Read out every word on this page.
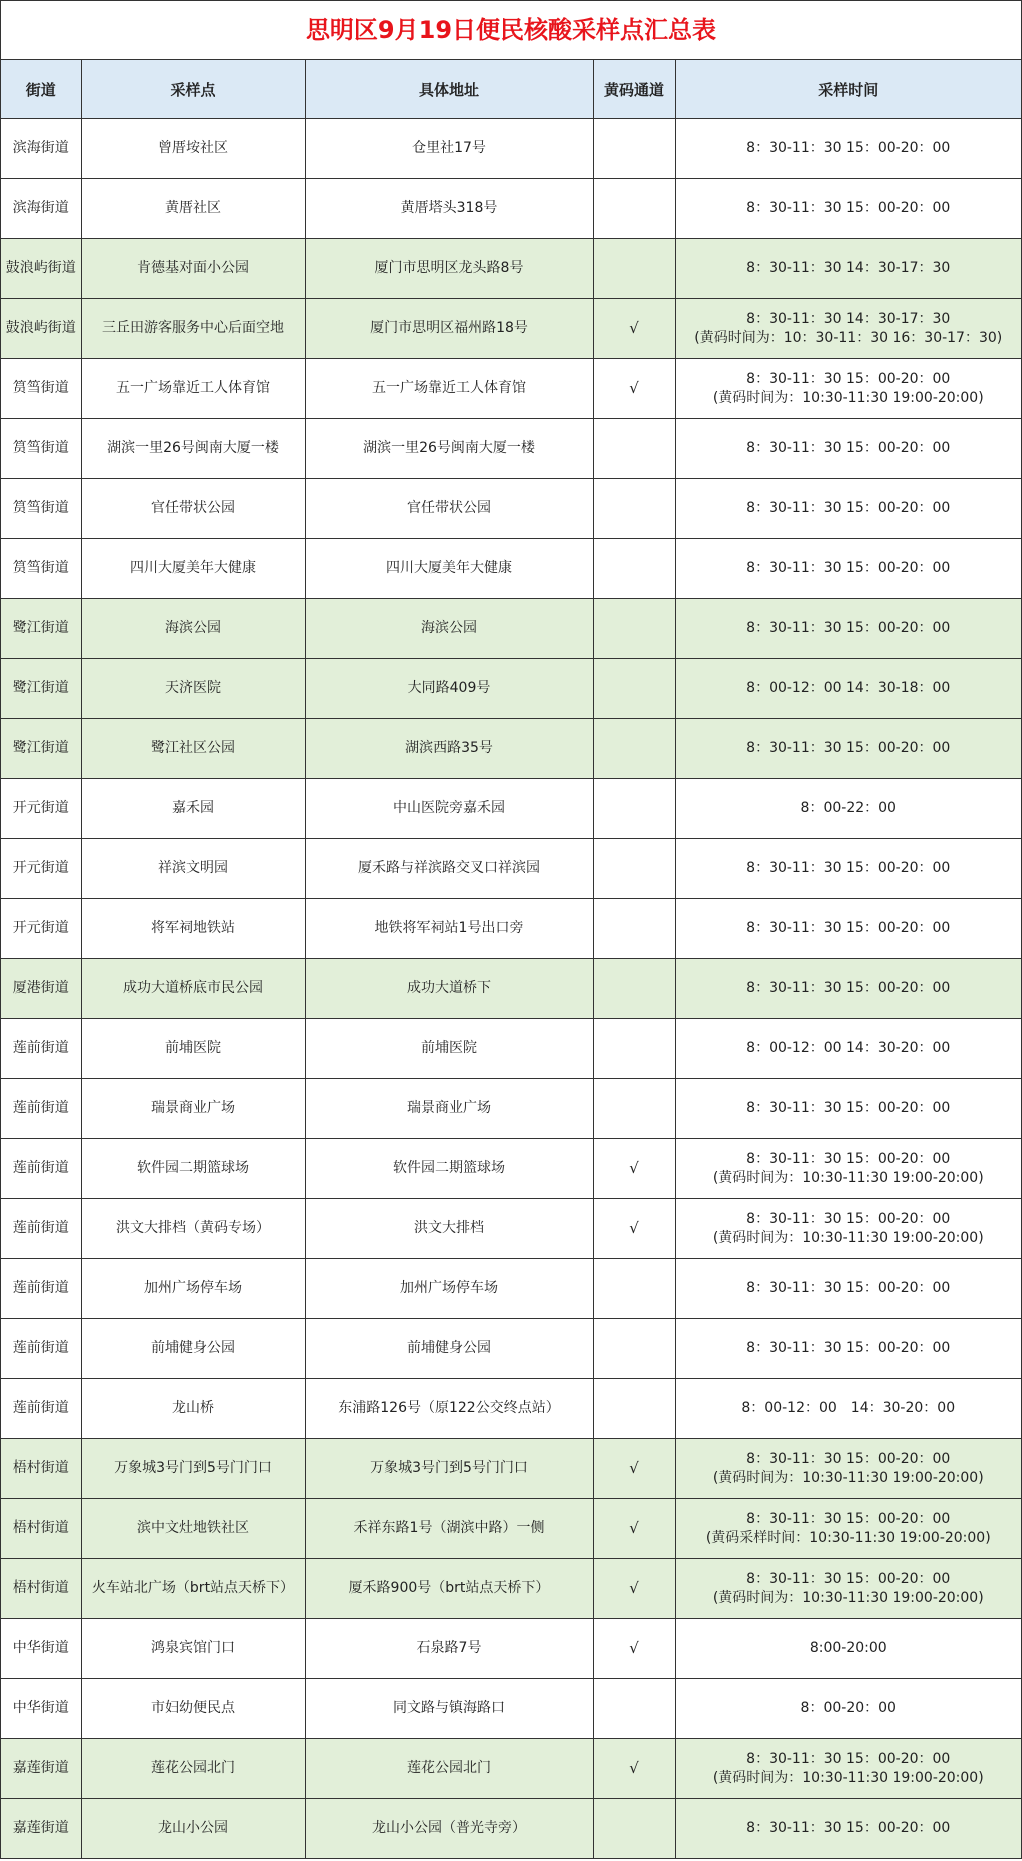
思明区9月19日便民核酸采样点汇总表
街道	采样点	具体地址	黄码通道	采样时间
滨海街道	曾厝垵社区	仓里社17号		8：30-11：30 15：00-20：00

滨海街道	黄厝社区	黄厝塔头318号		8：30-11：30 15：00-20：00

鼓浪屿街道	肯德基对面小公园	厦门市思明区龙头路8号		8：30-11：30 14：30-17：30

鼓浪屿街道	三丘田游客服务中心后面空地	厦门市思明区福州路18号	√	8：30-11：30 14：30-17：30
(黄码时间为：10：30-11：30 16：30-17：30)

筼筜街道	五一广场靠近工人体育馆	五一广场靠近工人体育馆	√	8：30-11：30 15：00-20：00
(黄码时间为：10:30-11:30 19:00-20:00)

筼筜街道	湖滨一里26号闽南大厦一楼	湖滨一里26号闽南大厦一楼		8：30-11：30 15：00-20：00

筼筜街道	官任带状公园	官任带状公园		8：30-11：30 15：00-20：00

筼筜街道	四川大厦美年大健康	四川大厦美年大健康		8：30-11：30 15：00-20：00

鹭江街道	海滨公园	海滨公园		8：30-11：30 15：00-20：00

鹭江街道	天济医院	大同路409号		8：00-12：00 14：30-18：00

鹭江街道	鹭江社区公园	湖滨西路35号		8：30-11：30 15：00-20：00

开元街道	嘉禾园	中山医院旁嘉禾园		8：00-22：00

开元街道	祥滨文明园	厦禾路与祥滨路交叉口祥滨园		8：30-11：30 15：00-20：00

开元街道	将军祠地铁站	地铁将军祠站1号出口旁		8：30-11：30 15：00-20：00

厦港街道	成功大道桥底市民公园	成功大道桥下		8：30-11：30 15：00-20：00

莲前街道	前埔医院	前埔医院		8：00-12：00 14：30-20：00

莲前街道	瑞景商业广场	瑞景商业广场		8：30-11：30 15：00-20：00

莲前街道	软件园二期篮球场	软件园二期篮球场	√	8：30-11：30 15：00-20：00
(黄码时间为：10:30-11:30 19:00-20:00)

莲前街道	洪文大排档（黄码专场）	洪文大排档	√	8：30-11：30 15：00-20：00
(黄码时间为：10:30-11:30 19:00-20:00)

莲前街道	加州广场停车场	加州广场停车场		8：30-11：30 15：00-20：00

莲前街道	前埔健身公园	前埔健身公园		8：30-11：30 15：00-20：00

莲前街道	龙山桥	东浦路126号（原122公交终点站）		8：00-12：00　14：30-20：00

梧村街道	万象城3号门到5号门门口	万象城3号门到5号门门口	√	8：30-11：30 15：00-20：00
(黄码时间为：10:30-11:30 19:00-20:00)

梧村街道	滨中文灶地铁社区	禾祥东路1号（湖滨中路）一侧	√	8：30-11：30 15：00-20：00
(黄码采样时间：10:30-11:30 19:00-20:00)

梧村街道	火车站北广场（brt站点天桥下）	厦禾路900号（brt站点天桥下）	√	8：30-11：30 15：00-20：00
(黄码时间为：10:30-11:30 19:00-20:00)

中华街道	鸿泉宾馆门口	石泉路7号	√	8:00-20:00

中华街道	市妇幼便民点	同文路与镇海路口		8：00-20：00

嘉莲街道	莲花公园北门	莲花公园北门	√	8：30-11：30 15：00-20：00
(黄码时间为：10:30-11:30 19:00-20:00)

嘉莲街道	龙山小公园	龙山小公园（普光寺旁）		8：30-11：30 15：00-20：00
